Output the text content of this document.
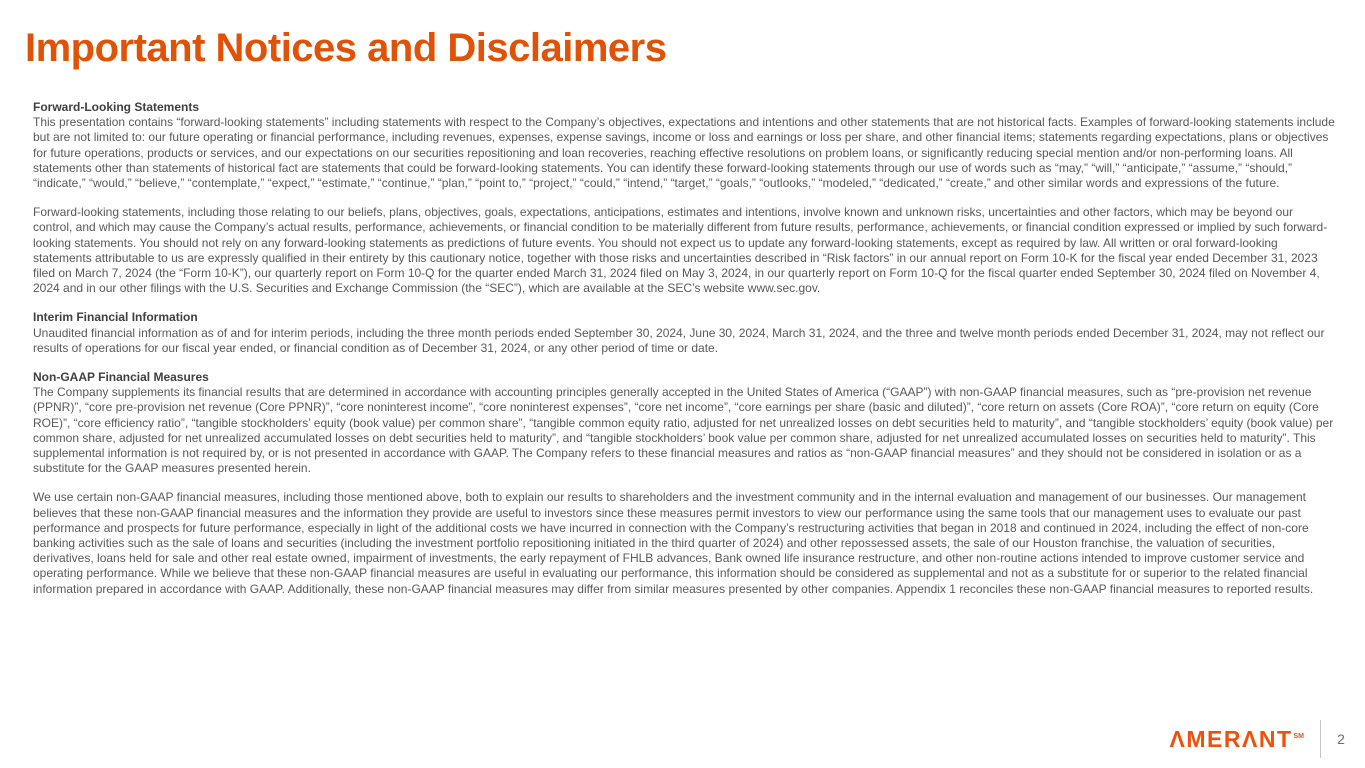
Important Notices and Disclaimers
Forward-Looking Statements

This presentation contains “forward-looking statements” including statements with respect to the Company’s objectives, expectations and intentions and other statements that are not historical facts. Examples of forward-looking statements include but are not limited to: our future operating or financial performance, including revenues, expenses, expense savings, income or loss and earnings or loss per share, and other financial items; statements regarding expectations, plans or objectives for future operations, products or services, and our expectations on our securities repositioning and loan recoveries, reaching effective resolutions on problem loans, or significantly reducing special mention and/or non-performing loans. All statements other than statements of historical fact are statements that could be forward-looking statements. You can identify these forward-looking statements through our use of words such as “may,” “will,” “anticipate,” “assume,” “should,” “indicate,” “would,” “believe,” “contemplate,” “expect,” “estimate,” “continue,” “plan,” “point to,” “project,” “could,” “intend,” “target,” “goals,” “outlooks,” “modeled,” “dedicated,” “create,” and other similar words and expressions of the future.

Forward-looking statements, including those relating to our beliefs, plans, objectives, goals, expectations, anticipations, estimates and intentions, involve known and unknown risks, uncertainties and other factors, which may be beyond our control, and which may cause the Company’s actual results, performance, achievements, or financial condition to be materially different from future results, performance, achievements, or financial condition expressed or implied by such forward-looking statements. You should not rely on any forward-looking statements as predictions of future events. You should not expect us to update any forward-looking statements, except as required by law. All written or oral forward-looking statements attributable to us are expressly qualified in their entirety by this cautionary notice, together with those risks and uncertainties described in “Risk factors” in our annual report on Form 10-K for the fiscal year ended December 31, 2023 filed on March 7, 2024 (the “Form 10-K”), our quarterly report on Form 10-Q for the quarter ended March 31, 2024 filed on May 3, 2024, in our quarterly report on Form 10-Q for the fiscal quarter ended September 30, 2024 filed on November 4, 2024 and in our other filings with the U.S. Securities and Exchange Commission (the “SEC”), which are available at the SEC’s website www.sec.gov.

Interim Financial Information

Unaudited financial information as of and for interim periods, including the three month periods ended September 30, 2024, June 30, 2024, March 31, 2024, and the three and twelve month periods ended December 31, 2024, may not reflect our results of operations for our fiscal year ended, or financial condition as of December 31, 2024, or any other period of time or date.

Non-GAAP Financial Measures

The Company supplements its financial results that are determined in accordance with accounting principles generally accepted in the United States of America (“GAAP”) with non-GAAP financial measures, such as “pre-provision net revenue (PPNR)”, “core pre-provision net revenue (Core PPNR)”, “core noninterest income”, “core noninterest expenses”, “core net income”, “core earnings per share (basic and diluted)”, “core return on assets (Core ROA)”, “core return on equity (Core ROE)”, “core efficiency ratio”, “tangible stockholders’ equity (book value) per common share”, “tangible common equity ratio, adjusted for net unrealized losses on debt securities held to maturity”, and “tangible stockholders’ equity (book value) per common share, adjusted for net unrealized accumulated losses on debt securities held to maturity”, and “tangible stockholders’ book value per common share, adjusted for net unrealized accumulated losses on securities held to maturity”. This supplemental information is not required by, or is not presented in accordance with GAAP. The Company refers to these financial measures and ratios as “non-GAAP financial measures” and they should not be considered in isolation or as a substitute for the GAAP measures presented herein.

We use certain non-GAAP financial measures, including those mentioned above, both to explain our results to shareholders and the investment community and in the internal evaluation and management of our businesses. Our management believes that these non-GAAP financial measures and the information they provide are useful to investors since these measures permit investors to view our performance using the same tools that our management uses to evaluate our past performance and prospects for future performance, especially in light of the additional costs we have incurred in connection with the Company’s restructuring activities that began in 2018 and continued in 2024, including the effect of non-core banking activities such as the sale of loans and securities (including the investment portfolio repositioning initiated in the third quarter of 2024) and other repossessed assets, the sale of our Houston franchise, the valuation of securities, derivatives, loans held for sale and other real estate owned, impairment of investments, the early repayment of FHLB advances, Bank owned life insurance restructure, and other non-routine actions intended to improve customer service and operating performance. While we believe that these non-GAAP financial measures are useful in evaluating our performance, this information should be considered as supplemental and not as a substitute for or superior to the related financial information prepared in accordance with GAAP. Additionally, these non-GAAP financial measures may differ from similar measures presented by other companies. Appendix 1 reconciles these non-GAAP financial measures to reported results.

ΛMERΛNT℠ 2
